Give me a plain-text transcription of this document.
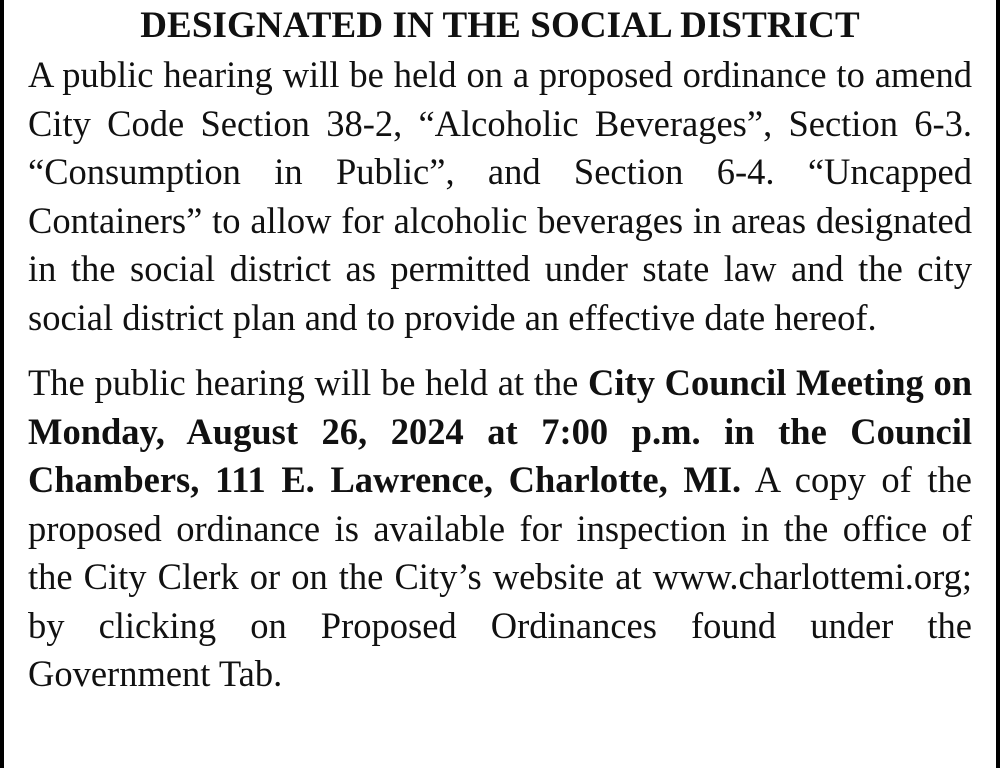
DESIGNATED IN THE SOCIAL DISTRICT

A public hearing will be held on a proposed ordinance to amend City Code Section 38-2, “Alcoholic Beverages”, Section 6-3. “Consumption in Public”, and Section 6-4. “Uncapped Containers” to allow for alcoholic beverages in areas designated in the social district as permitted under state law and the city social district plan and to provide an effective date hereof.

The public hearing will be held at the City Council Meeting on Monday, August 26, 2024 at 7:00 p.m. in the Council Chambers, 111 E. Lawrence, Charlotte, MI. A copy of the proposed ordinance is available for inspection in the office of the City Clerk or on the City’s website at www.charlottemi.org; by clicking on Proposed Ordinances found under the Government Tab.
